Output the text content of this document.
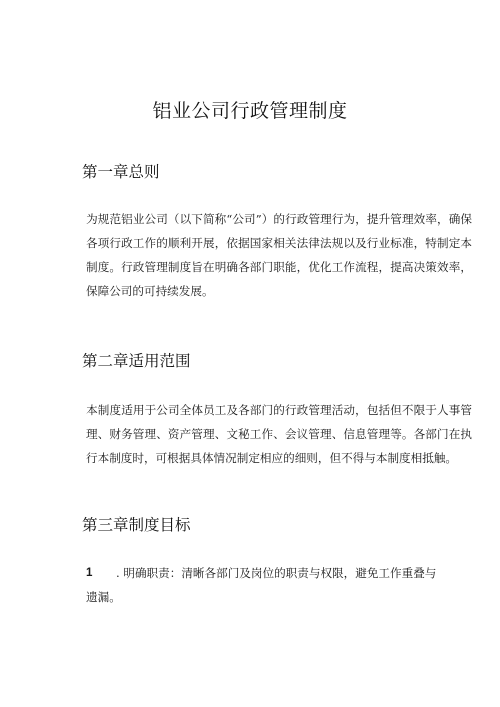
铝业公司行政管理制度
第一章总则
为规范铝业公司（以下简称“公司”）的行政管理行为，提升管理效率，确保各项行政工作的顺利开展，依据国家相关法律法规以及行业标准，特制定本制度。行政管理制度旨在明确各部门职能，优化工作流程，提高决策效率，保障公司的可持续发展。
第二章适用范围
本制度适用于公司全体员工及各部门的行政管理活动，包括但不限于人事管理、财务管理、资产管理、文秘工作、会议管理、信息管理等。各部门在执行本制度时，可根据具体情况制定相应的细则，但不得与本制度相抵触。
第三章制度目标
1 . 明确职责：清晰各部门及岗位的职责与权限，避免工作重叠与
遗漏。
